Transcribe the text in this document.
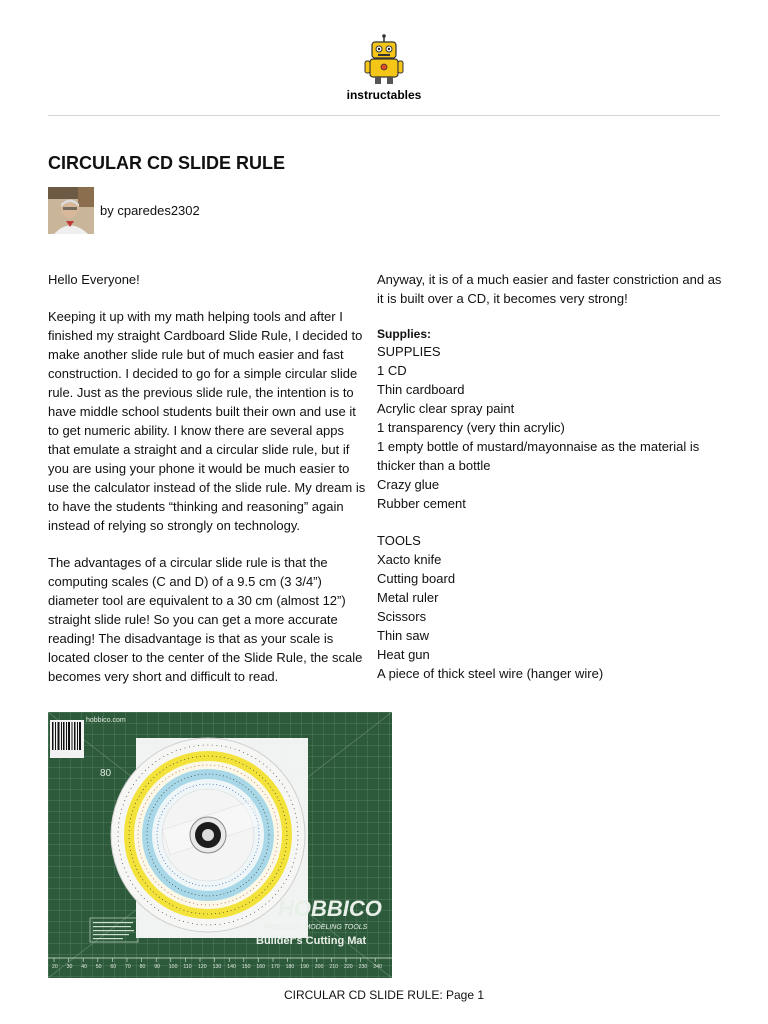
instructables
CIRCULAR CD SLIDE RULE
by cparedes2302

Hello Everyone!

Keeping it up with my math helping tools and after I finished my straight Cardboard Slide Rule, I decided to make another slide rule but of much easier and fast construction. I decided to go for a simple circular slide rule. Just as the previous slide rule, the intention is to have middle school students built their own and use it to get numeric ability. I know there are several apps that emulate a straight and a circular slide rule, but if you are using your phone it would be much easier to use the calculator instead of the slide rule. My dream is to have the students “thinking and reasoning” again instead of relying so strongly on technology.

The advantages of a circular slide rule is that the computing scales (C and D) of a 9.5 cm (3 3/4”) diameter tool are equivalent to a 30 cm (almost 12”) straight slide rule! So you can get a more accurate reading! The disadvantage is that as your scale is located closer to the center of the Slide Rule, the scale becomes very short and difficult to read.

Anyway, it is of a much easier and faster constriction and as it is built over a CD, it becomes very strong!

Supplies:

SUPPLIES

1 CD

Thin cardboard

Acrylic clear spray paint

1 transparency (very thin acrylic)

1 empty bottle of mustard/mayonnaise as the material is thicker than a bottle

Crazy glue

Rubber cement

TOOLS

Xacto knife

Cutting board

Metal ruler

Scissors

Thin saw

Heat gun

A piece of thick steel wire (hanger wire)

hobbico.com
80
HOBBICO
PRECISION MODELING TOOLS
Builder's Cutting Mat
20 30 40 50 60 70 80 90 100 110 120 130 140 150 160 170 180 190 200 210 220 230 240
CIRCULAR CD SLIDE RULE: Page 1
